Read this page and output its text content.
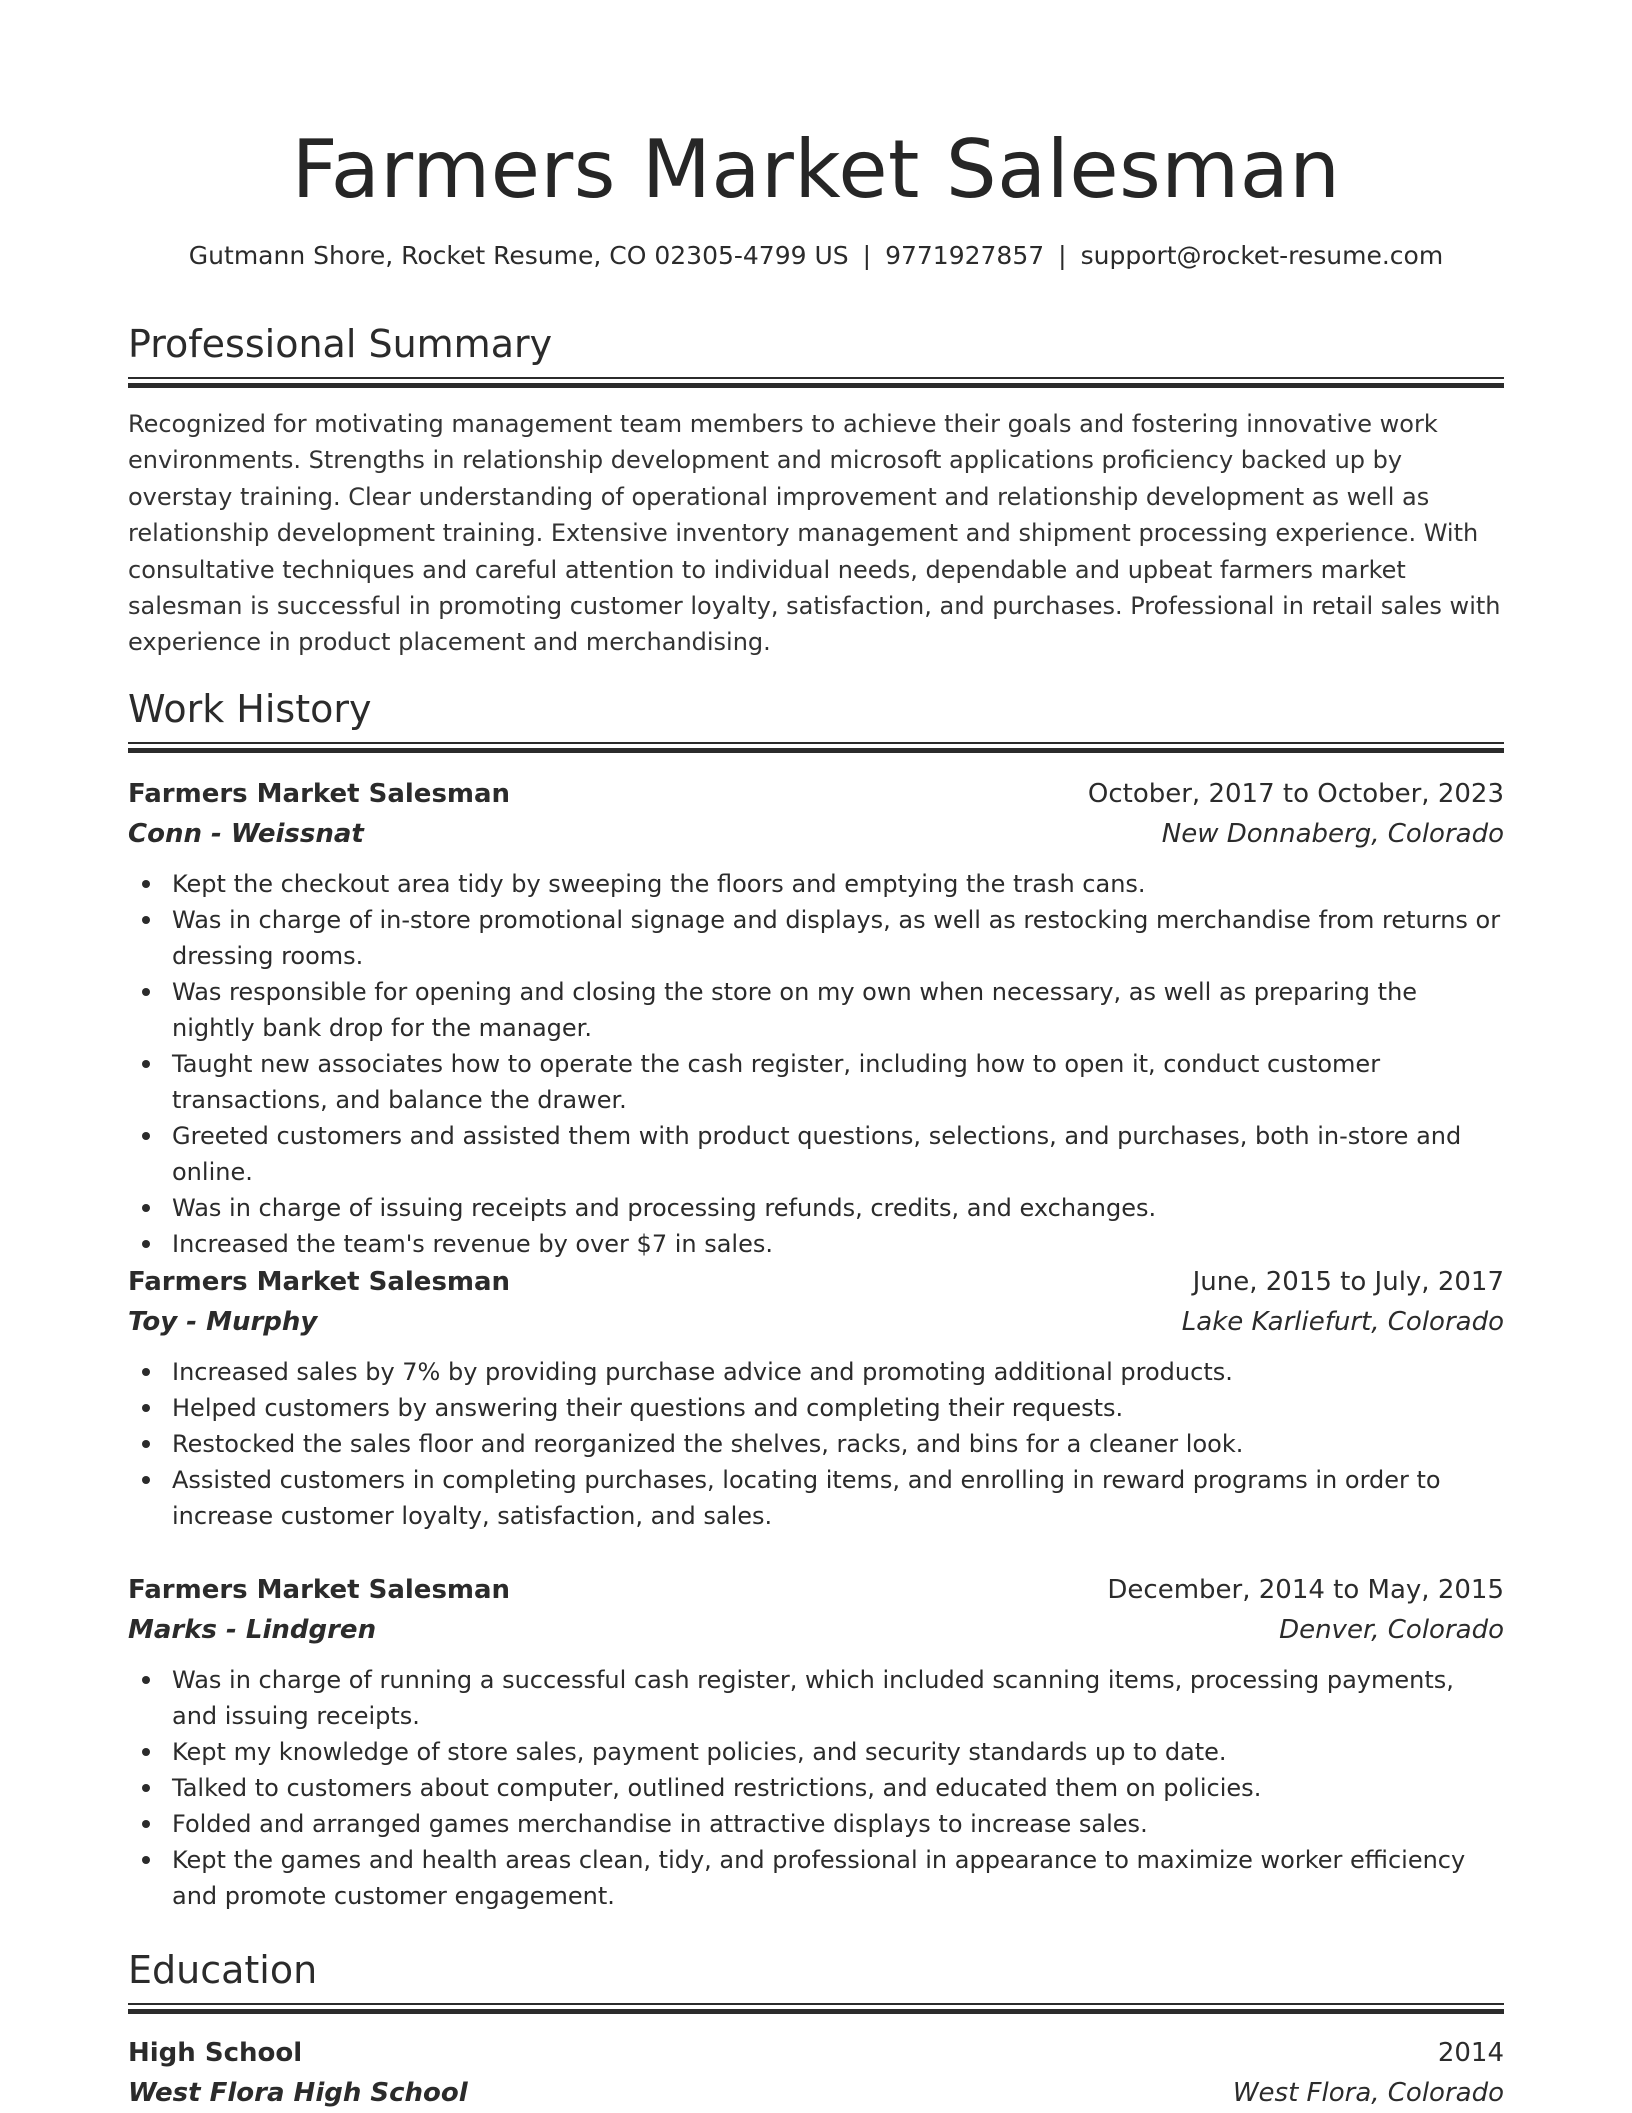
Farmers Market Salesman
Gutmann Shore, Rocket Resume, CO 02305-4799 US | 9771927857 | support@rocket-resume.com
Professional Summary

Recognized for motivating management team members to achieve their goals and fostering innovative work environments. Strengths in relationship development and microsoft applications proficiency backed up by overstay training. Clear understanding of operational improvement and relationship development as well as relationship development training. Extensive inventory management and shipment processing experience. With consultative techniques and careful attention to individual needs, dependable and upbeat farmers market salesman is successful in promoting customer loyalty, satisfaction, and purchases. Professional in retail sales with experience in product placement and merchandising.

Work History
Farmers Market Salesman	October, 2017 to October, 2023
Conn - Weissnat	New Donnaberg, Colorado
Kept the checkout area tidy by sweeping the floors and emptying the trash cans.
Was in charge of in-store promotional signage and displays, as well as restocking merchandise from returns or dressing rooms.
Was responsible for opening and closing the store on my own when necessary, as well as preparing the nightly bank drop for the manager.
Taught new associates how to operate the cash register, including how to open it, conduct customer transactions, and balance the drawer.
Greeted customers and assisted them with product questions, selections, and purchases, both in-store and online.
Was in charge of issuing receipts and processing refunds, credits, and exchanges.
Increased the team's revenue by over $7 in sales.
Farmers Market Salesman	June, 2015 to July, 2017
Toy - Murphy	Lake Karliefurt, Colorado
Increased sales by 7% by providing purchase advice and promoting additional products.
Helped customers by answering their questions and completing their requests.
Restocked the sales floor and reorganized the shelves, racks, and bins for a cleaner look.
Assisted customers in completing purchases, locating items, and enrolling in reward programs in order to increase customer loyalty, satisfaction, and sales.
Farmers Market Salesman	December, 2014 to May, 2015
Marks - Lindgren	Denver, Colorado
Was in charge of running a successful cash register, which included scanning items, processing payments, and issuing receipts.
Kept my knowledge of store sales, payment policies, and security standards up to date.
Talked to customers about computer, outlined restrictions, and educated them on policies.
Folded and arranged games merchandise in attractive displays to increase sales.
Kept the games and health areas clean, tidy, and professional in appearance to maximize worker efficiency and promote customer engagement.
Education
High School	2014
West Flora High School	West Flora, Colorado
